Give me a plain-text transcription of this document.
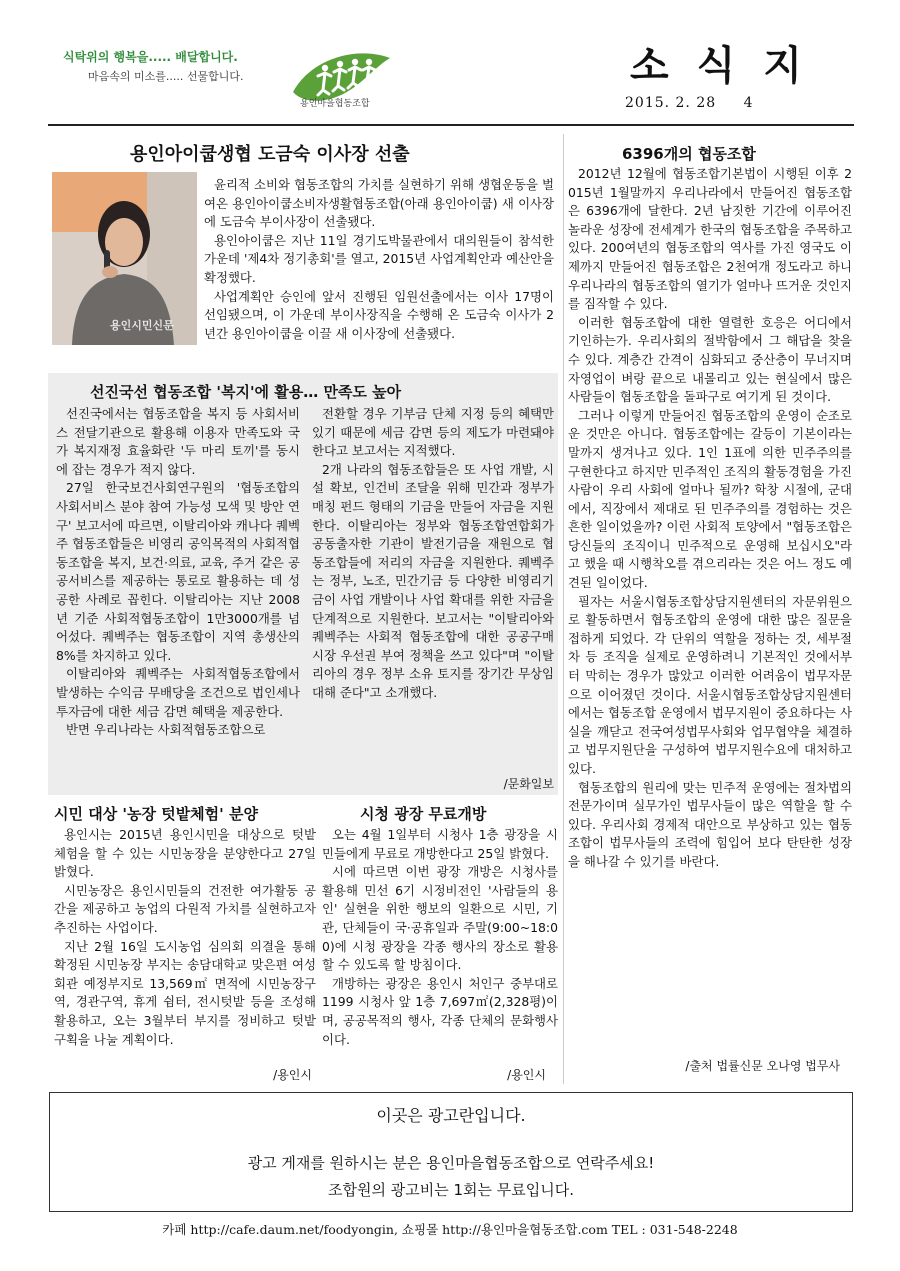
식탁위의 행복을..... 배달합니다.
마음속의 미소를..... 선물합니다.
용인마을협동조합
소식지
2015. 2. 28 4
용인아이쿱생협 도금숙 이사장 선출
용인시민신문

윤리적 소비와 협동조합의 가치를 실현하기 위해 생협운동을 벌여온 용인아이쿱소비자생활협동조합(아래 용인아이쿱) 새 이사장에 도금숙 부이사장이 선출됐다.

용인아이쿱은 지난 11일 경기도박물관에서 대의원들이 참석한 가운데 '제4차 정기총회'를 열고, 2015년 사업계획안과 예산안을 확정했다.

사업계획안 승인에 앞서 진행된 임원선출에서는 이사 17명이 선임됐으며, 이 가운데 부이사장직을 수행해 온 도금숙 이사가 2년간 용인아이쿱을 이끌 새 이사장에 선출됐다.

선진국선 협동조합 '복지'에 활용… 만족도 높아

선진국에서는 협동조합을 복지 등 사회서비스 전달기관으로 활용해 이용자 만족도와 국가 복지재정 효율화란 '두 마리 토끼'를 동시에 잡는 경우가 적지 않다.

27일 한국보건사회연구원의 '협동조합의 사회서비스 분야 참여 가능성 모색 및 방안 연구' 보고서에 따르면, 이탈리아와 캐나다 퀘벡주 협동조합들은 비영리 공익목적의 사회적협동조합을 복지, 보건·의료, 교육, 주거 같은 공공서비스를 제공하는 통로로 활용하는 데 성공한 사례로 꼽힌다. 이탈리아는 지난 2008년 기준 사회적협동조합이 1만3000개를 넘어섰다. 퀘벡주는 협동조합이 지역 총생산의 8%를 차지하고 있다.

이탈리아와 퀘벡주는 사회적협동조합에서 발생하는 수익금 무배당을 조건으로 법인세나 투자금에 대한 세금 감면 혜택을 제공한다.

반면 우리나라는 사회적협동조합으로

전환할 경우 기부금 단체 지정 등의 혜택만 있기 때문에 세금 감면 등의 제도가 마련돼야 한다고 보고서는 지적했다.

2개 나라의 협동조합들은 또 사업 개발, 시설 확보, 인건비 조달을 위해 민간과 정부가 매칭 펀드 형태의 기금을 만들어 자금을 지원한다. 이탈리아는 정부와 협동조합연합회가 공동출자한 기관이 발전기금을 재원으로 협동조합들에 저리의 자금을 지원한다. 퀘벡주는 정부, 노조, 민간기금 등 다양한 비영리기금이 사업 개발이나 사업 확대를 위한 자금을 단계적으로 지원한다. 보고서는 "이탈리아와 퀘벡주는 사회적 협동조합에 대한 공공구매시장 우선권 부여 정책을 쓰고 있다"며 "이탈리아의 경우 정부 소유 토지를 장기간 무상임대해 준다"고 소개했다.

/문화일보
시민 대상 '농장 텃밭체험' 분양

용인시는 2015년 용인시민을 대상으로 텃밭 체험을 할 수 있는 시민농장을 분양한다고 27일 밝혔다.

시민농장은 용인시민들의 건전한 여가활동 공간을 제공하고 농업의 다원적 가치를 실현하고자 추진하는 사업이다.

지난 2월 16일 도시농업 심의회 의결을 통해 확정된 시민농장 부지는 송담대학교 맞은편 여성회관 예정부지로 13,569㎡ 면적에 시민농장구역, 경관구역, 휴게 쉼터, 전시텃밭 등을 조성해 활용하고, 오는 3월부터 부지를 정비하고 텃밭 구획을 나눌 계획이다.

/용인시
시청 광장 무료개방

오는 4월 1일부터 시청사 1층 광장을 시민들에게 무료로 개방한다고 25일 밝혔다.

시에 따르면 이번 광장 개방은 시청사를 활용해 민선 6기 시정비전인 '사람들의 용인' 실현을 위한 행보의 일환으로 시민, 기관, 단체들이 국·공휴일과 주말(9:00~18:00)에 시청 광장을 각종 행사의 장소로 활용할 수 있도록 할 방침이다.

개방하는 광장은 용인시 처인구 중부대로 1199 시청사 앞 1층 7,697㎡(2,328평)이며, 공공목적의 행사, 각종 단체의 문화행사이다.

/용인시
6396개의 협동조합

2012년 12월에 협동조합기본법이 시행된 이후 2015년 1월말까지 우리나라에서 만들어진 협동조합은 6396개에 달한다. 2년 남짓한 기간에 이루어진 놀라운 성장에 전세계가 한국의 협동조합을 주목하고 있다. 200여년의 협동조합의 역사를 가진 영국도 이제까지 만들어진 협동조합은 2천여개 정도라고 하니 우리나라의 협동조합의 열기가 얼마나 뜨거운 것인지를 짐작할 수 있다.

이러한 협동조합에 대한 열렬한 호응은 어디에서 기인하는가. 우리사회의 절박함에서 그 해답을 찾을 수 있다. 계층간 간격이 심화되고 중산층이 무너지며 자영업이 벼랑 끝으로 내몰리고 있는 현실에서 많은 사람들이 협동조합을 돌파구로 여기게 된 것이다.

그러나 이렇게 만들어진 협동조합의 운영이 순조로운 것만은 아니다. 협동조합에는 갈등이 기본이라는 말까지 생겨나고 있다. 1인 1표에 의한 민주주의를 구현한다고 하지만 민주적인 조직의 활동경험을 가진 사람이 우리 사회에 얼마나 될까? 학창 시절에, 군대에서, 직장에서 제대로 된 민주주의를 경험하는 것은 흔한 일이었을까? 이런 사회적 토양에서 "협동조합은 당신들의 조직이니 민주적으로 운영해 보십시오"라고 했을 때 시행착오를 겪으리라는 것은 어느 정도 예견된 일이었다.

필자는 서울시협동조합상담지원센터의 자문위원으로 활동하면서 협동조합의 운영에 대한 많은 질문을 접하게 되었다. 각 단위의 역할을 정하는 것, 세부절차 등 조직을 실제로 운영하려니 기본적인 것에서부터 막히는 경우가 많았고 이러한 어려움이 법무자문으로 이어졌던 것이다. 서울시협동조합상담지원센터에서는 협동조합 운영에서 법무지원이 중요하다는 사실을 깨닫고 전국여성법무사회와 업무협약을 체결하고 법무지원단을 구성하여 법무지원수요에 대처하고 있다.

협동조합의 원리에 맞는 민주적 운영에는 절차법의 전문가이며 실무가인 법무사들이 많은 역할을 할 수 있다. 우리사회 경제적 대안으로 부상하고 있는 협동조합이 법무사들의 조력에 힘입어 보다 탄탄한 성장을 해나갈 수 있기를 바란다.

/출처 법률신문 오나영 법무사
이곳은 광고란입니다.
광고 게재를 원하시는 분은 용인마을협동조합으로 연락주세요!
조합원의 광고비는 1회는 무료입니다.
카페 http://cafe.daum.net/foodyongin, 쇼핑몰 http://용인마을협동조합.com TEL : 031-548-2248
